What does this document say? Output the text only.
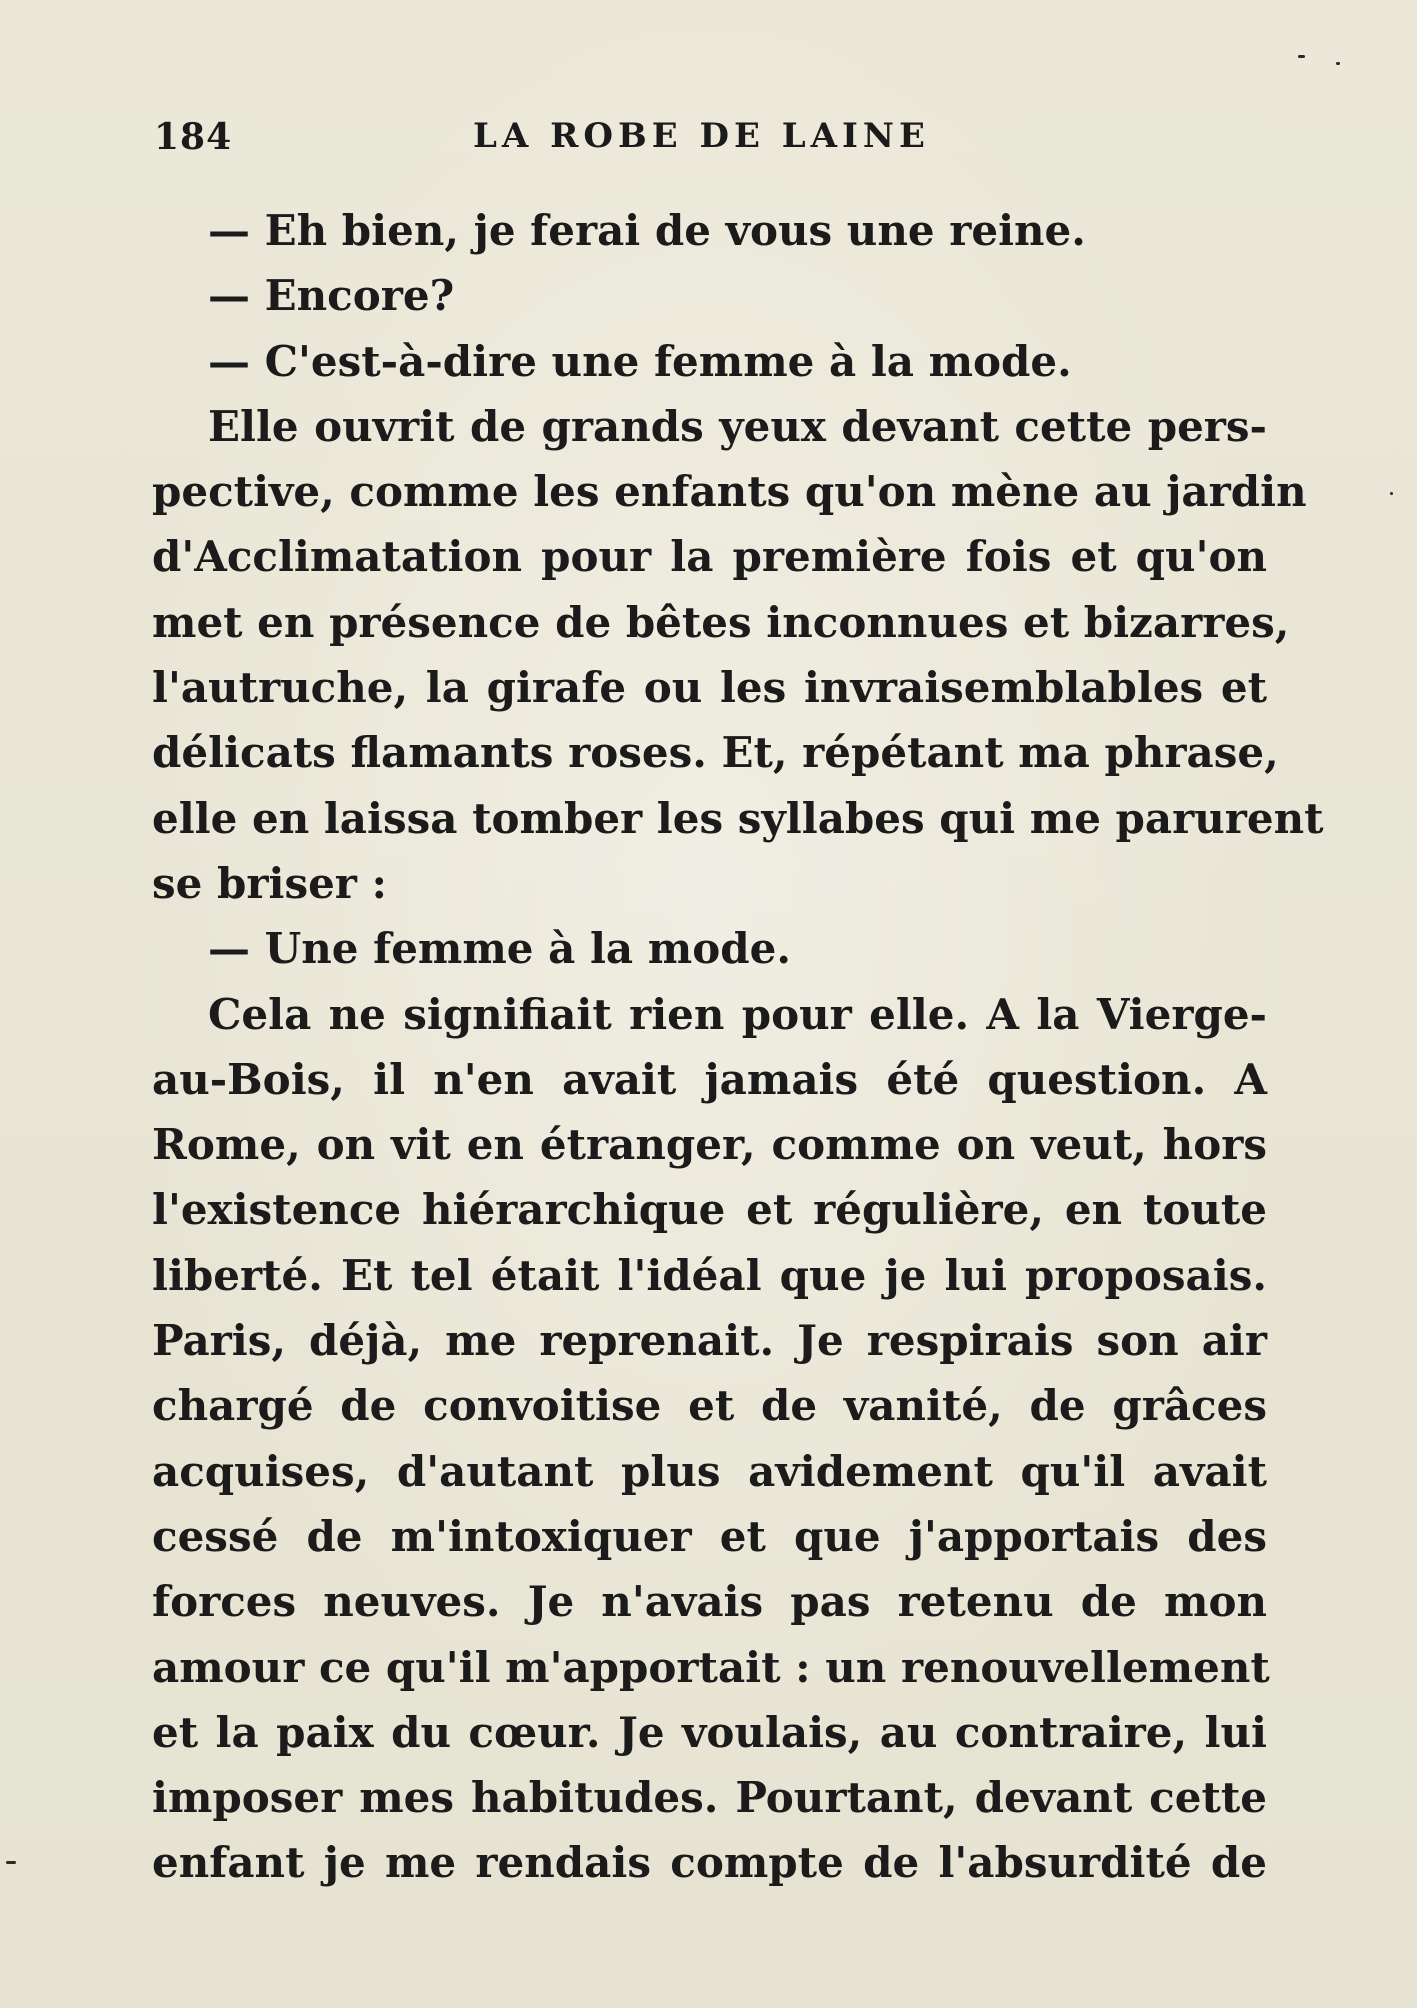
184	LA ROBE DE LAINE
— Eh bien, je ferai de vous une reine.
— Encore?
— C'est-à-dire une femme à la mode.
Elle ouvrit de grands yeux devant cette pers-
pective, comme les enfants qu'on mène au jardin
d'Acclimatation pour la première fois et qu'on
met en présence de bêtes inconnues et bizarres,
l'autruche, la girafe ou les invraisemblables et
délicats flamants roses. Et, répétant ma phrase,
elle en laissa tomber les syllabes qui me parurent
se briser :
— Une femme à la mode.
Cela ne signifiait rien pour elle. A la Vierge-
au-Bois, il n'en avait jamais été question. A
Rome, on vit en étranger, comme on veut, hors
l'existence hiérarchique et régulière, en toute
liberté. Et tel était l'idéal que je lui proposais.
Paris, déjà, me reprenait. Je respirais son air
chargé de convoitise et de vanité, de grâces
acquises, d'autant plus avidement qu'il avait
cessé de m'intoxiquer et que j'apportais des
forces neuves. Je n'avais pas retenu de mon
amour ce qu'il m'apportait : un renouvellement
et la paix du cœur. Je voulais, au contraire, lui
imposer mes habitudes. Pourtant, devant cette
enfant je me rendais compte de l'absurdité de
